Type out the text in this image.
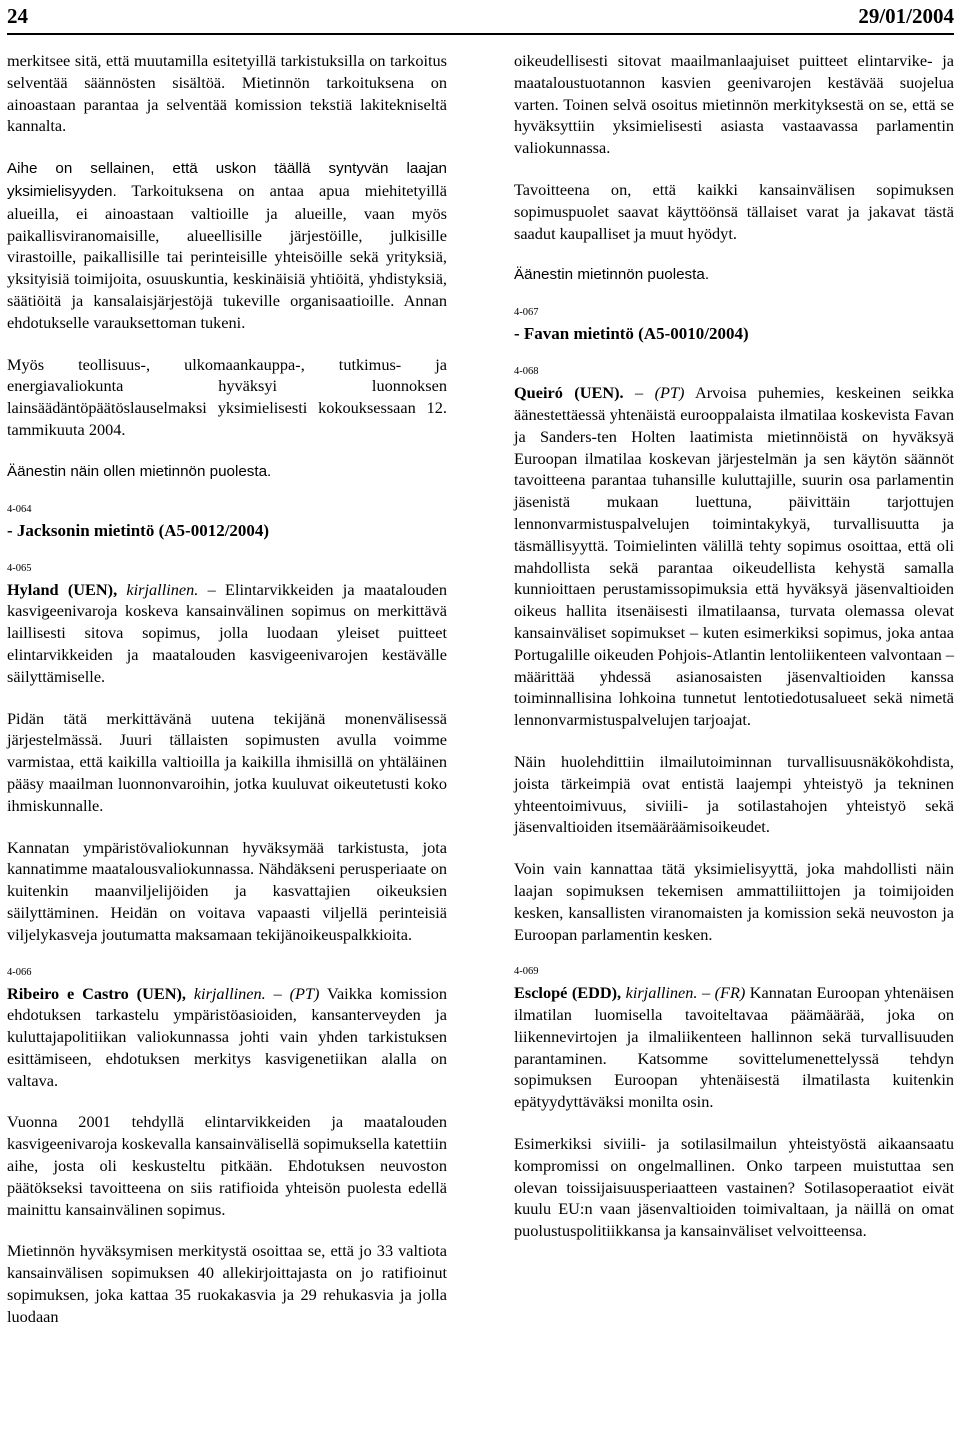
24	29/01/2004

merkitsee sitä, että muutamilla esitetyillä tarkistuksilla on tarkoitus selventää säännösten sisältöä. Mietinnön tarkoituksena on ainoastaan parantaa ja selventää komission tekstiä lakitekniseltä kannalta.

Aihe on sellainen, että uskon täällä syntyvän laajan yksimielisyyden. Tarkoituksena on antaa apua miehitetyillä alueilla, ei ainoastaan valtioille ja alueille, vaan myös paikallisviranomaisille, alueellisille järjestöille, julkisille virastoille, paikallisille tai perinteisille yhteisöille sekä yrityksiä, yksityisiä toimijoita, osuuskuntia, keskinäisiä yhtiöitä, yhdistyksiä, säätiöitä ja kansalaisjärjestöjä tukeville organisaatioille. Annan ehdotukselle varauksettoman tukeni.

Myös teollisuus-, ulkomaankauppa-, tutkimus- ja energiavaliokunta hyväksyi luonnoksen lainsäädäntöpäätöslauselmaksi yksimielisesti kokouksessaan 12. tammikuuta 2004.

Äänestin näin ollen mietinnön puolesta.

4-064
- Jacksonin mietintö (A5-0012/2004)
4-065

Hyland (UEN), kirjallinen. – Elintarvikkeiden ja maatalouden kasvigeenivaroja koskeva kansainvälinen sopimus on merkittävä laillisesti sitova sopimus, jolla luodaan yleiset puitteet elintarvikkeiden ja maatalouden kasvigeenivarojen kestävälle säilyttämiselle.

Pidän tätä merkittävänä uutena tekijänä monenvälisessä järjestelmässä. Juuri tällaisten sopimusten avulla voimme varmistaa, että kaikilla valtioilla ja kaikilla ihmisillä on yhtäläinen pääsy maailman luonnonvaroihin, jotka kuuluvat oikeutetusti koko ihmiskunnalle.

Kannatan ympäristövaliokunnan hyväksymää tarkistusta, jota kannatimme maatalousvaliokunnassa. Nähdäkseni perusperiaate on kuitenkin maanviljelijöiden ja kasvattajien oikeuksien säilyttäminen. Heidän on voitava vapaasti viljellä perinteisiä viljelykasveja joutumatta maksamaan tekijänoikeuspalkkioita.

4-066

Ribeiro e Castro (UEN), kirjallinen. – (PT) Vaikka komission ehdotuksen tarkastelu ympäristöasioiden, kansanterveyden ja kuluttajapolitiikan valiokunnassa johti vain yhden tarkistuksen esittämiseen, ehdotuksen merkitys kasvigenetiikan alalla on valtava.

Vuonna 2001 tehdyllä elintarvikkeiden ja maatalouden kasvigeenivaroja koskevalla kansainvälisellä sopimuksella katettiin aihe, josta oli keskusteltu pitkään. Ehdotuksen neuvoston päätökseksi tavoitteena on siis ratifioida yhteisön puolesta edellä mainittu kansainvälinen sopimus.

Mietinnön hyväksymisen merkitystä osoittaa se, että jo 33 valtiota kansainvälisen sopimuksen 40 allekirjoittajasta on jo ratifioinut sopimuksen, joka kattaa 35 ruokakasvia ja 29 rehukasvia ja jolla luodaan

oikeudellisesti sitovat maailmanlaajuiset puitteet elintarvike- ja maataloustuotannon kasvien geenivarojen kestävää suojelua varten. Toinen selvä osoitus mietinnön merkityksestä on se, että se hyväksyttiin yksimielisesti asiasta vastaavassa parlamentin valiokunnassa.

Tavoitteena on, että kaikki kansainvälisen sopimuksen sopimuspuolet saavat käyttöönsä tällaiset varat ja jakavat tästä saadut kaupalliset ja muut hyödyt.

Äänestin mietinnön puolesta.

4-067
- Favan mietintö (A5-0010/2004)
4-068

Queiró (UEN). – (PT) Arvoisa puhemies, keskeinen seikka äänestettäessä yhtenäistä eurooppalaista ilmatilaa koskevista Favan ja Sanders-ten Holten laatimista mietinnöistä on hyväksyä Euroopan ilmatilaa koskevan järjestelmän ja sen käytön säännöt tavoitteena parantaa tuhansille kuluttajille, suurin osa parlamentin jäsenistä mukaan luettuna, päivittäin tarjottujen lennonvarmistuspalvelujen toimintakykyä, turvallisuutta ja täsmällisyyttä. Toimielinten välillä tehty sopimus osoittaa, että oli mahdollista sekä parantaa oikeudellista kehystä samalla kunnioittaen perustamissopimuksia että hyväksyä jäsenvaltioiden oikeus hallita itsenäisesti ilmatilaansa, turvata olemassa olevat kansainväliset sopimukset – kuten esimerkiksi sopimus, joka antaa Portugalille oikeuden Pohjois-Atlantin lentoliikenteen valvontaan – määrittää yhdessä asianosaisten jäsenvaltioiden kanssa toiminnallisina lohkoina tunnetut lentotiedotusalueet sekä nimetä lennonvarmistuspalvelujen tarjoajat.

Näin huolehdittiin ilmailutoiminnan turvallisuusnäkökohdista, joista tärkeimpiä ovat entistä laajempi yhteistyö ja tekninen yhteentoimivuus, siviili- ja sotilastahojen yhteistyö sekä jäsenvaltioiden itsemääräämisoikeudet.

Voin vain kannattaa tätä yksimielisyyttä, joka mahdollisti näin laajan sopimuksen tekemisen ammattiliittojen ja toimijoiden kesken, kansallisten viranomaisten ja komission sekä neuvoston ja Euroopan parlamentin kesken.

4-069

Esclopé (EDD), kirjallinen. – (FR) Kannatan Euroopan yhtenäisen ilmatilan luomisella tavoiteltavaa päämäärää, joka on liikennevirtojen ja ilmaliikenteen hallinnon sekä turvallisuuden parantaminen. Katsomme sovittelumenettelyssä tehdyn sopimuksen Euroopan yhtenäisestä ilmatilasta kuitenkin epätyydyttäväksi monilta osin.

Esimerkiksi siviili- ja sotilasilmailun yhteistyöstä aikaansaatu kompromissi on ongelmallinen. Onko tarpeen muistuttaa sen olevan toissijaisuusperiaatteen vastainen? Sotilasoperaatiot eivät kuulu EU:n vaan jäsenvaltioiden toimivaltaan, ja näillä on omat puolustuspolitiikkansa ja kansainväliset velvoitteensa.
